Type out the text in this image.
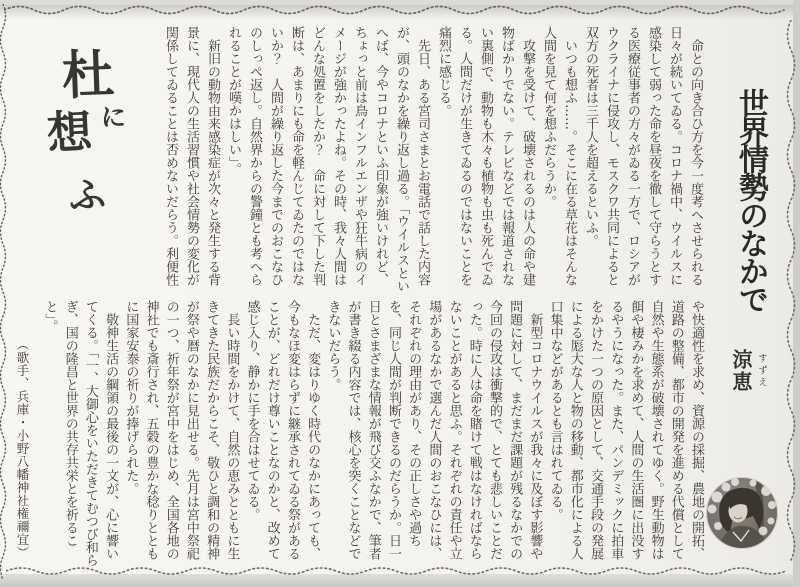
杜
に
想
ふ	世界情勢のなかで
涼恵 すずえ

命との向き合ひ方を今一度考へさせられる日々が続いてゐる。コロナ禍中、ウイルスに感染して弱った命を昼夜を徹して守らうとする医療従事者の方々がゐる一方で、ロシアがウクライナに侵攻し、モスクワ共同によると双方の死者は三千人を超えるといふ。

いつも想ふ……。そこに在る草花はそんな人間を見て何を想ふだらうか。

攻撃を受けて、破壊されるのは人の命や建物ばかりでない。テレビなどでは報道されない裏側で、動物も木々も植物も虫も死んでゐる。人間だけが生きてゐるのではないことを痛烈に感じる。

先日、ある宮司さまとお電話で話した内容が、頭のなかを繰り返し過る。「ウイルスといへば、今やコロナといふ印象が強いけれど、ちょっと前は鳥インフルエンザや狂牛病のイメージが強かったよね。その時、我々人間はどんな処置をしたか？　命に対して下した判断は、あまりにも命を軽んじてゐたのではないか？　人間が繰り返した今までのおこなひのしっぺ返し。自然界からの警鐘とも考へられることが嘆かはしい」。

新旧の動物由来感染症が次々と発生する背景に、現代人の生活習慣や社会情勢の変化が関係してゐることは否めないだらう。利便性

や快適性を求め、資源の採掘、農地の開拓、道路の整備、都市の開発を進める代償として自然や生態系が破壊されてゆく。野生動物は餌や棲みかを求めて、人間の生活圏に出没するやうになった。また、パンデミックに拍車をかけた一つの原因として、交通手段の発展による厖大な人と物の移動、都市化による人口集中などがあるとも言はれてゐる。

新型コロナウイルスが我々に及ぼす影響や問題に対して、まだまだ課題が残るなかでの今回の侵攻は衝撃的で、とても悲しいことだった。時に人は命を賭けて戦はなければならないことがあると思ふ。それぞれの責任や立場があるなかで選んだ人間のおこなひには、それぞれの理由があり、その正しさや過ちを、同じ人間が判断できるのだらうか。日一日とさまざまな情報が飛び交ふなかで、筆者が書き綴る内容では、核心を突くことなどできないだらう。

ただ、変はりゆく時代のなかにあっても、今もなほ変はらずに継承されてゐる祭があることが、どれだけ尊いことなのかと、改めて感じ入り、静かに手を合はせてゐる。

長い時間をかけて、自然の恵みとともに生きてきた民族だからこそ、敬ひと調和の精神が祭や暦のなかに見出せる。先月は宮中祭祀の一つ、祈年祭が宮中をはじめ、全国各地の神社でも斎行され、五穀の豊かな稔りとともに国家安泰の祈りが捧げられた。

敬神生活の綱領の最後の一文が、心に響いてくる。「一、大御心をいただきてむつび和らぎ、国の隆昌と世界の共存共栄とを祈ること」。

（歌手、兵庫・小野八幡神社権禰宜）
